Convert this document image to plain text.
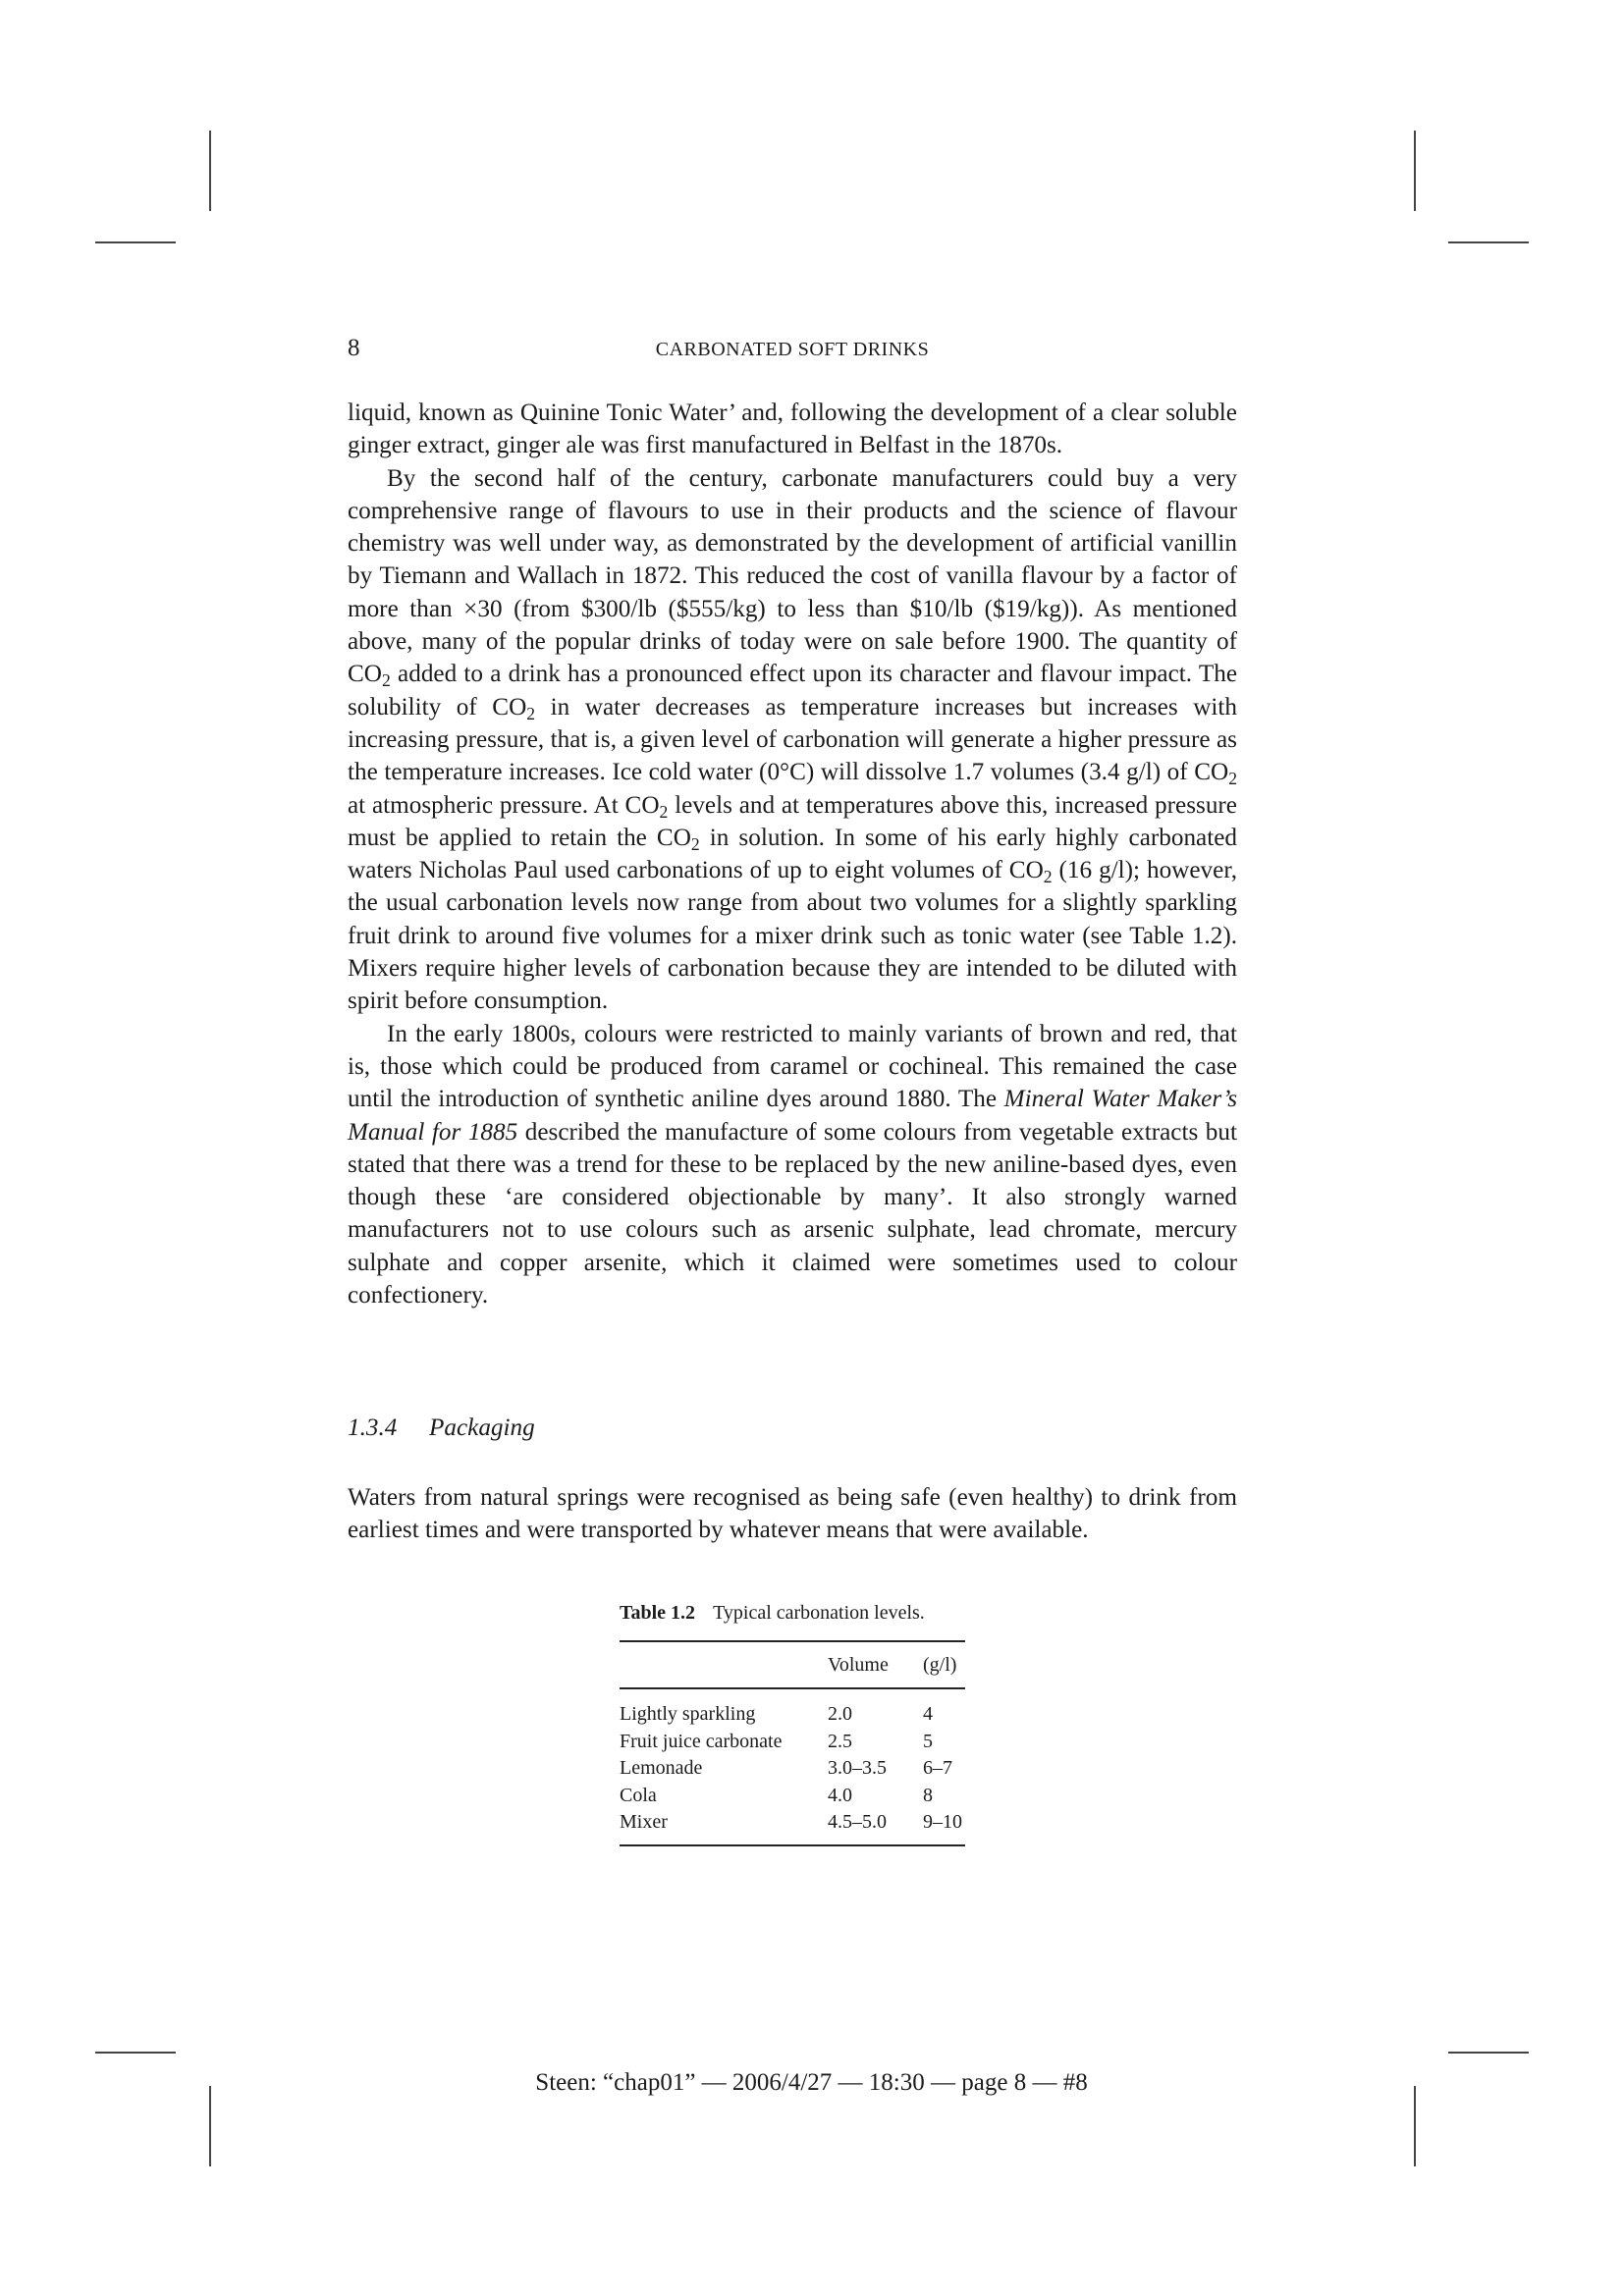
8	CARBONATED SOFT DRINKS

liquid, known as Quinine Tonic Water’ and, following the development of a clear soluble ginger extract, ginger ale was first manufactured in Belfast in the 1870s.

By the second half of the century, carbonate manufacturers could buy a very comprehensive range of flavours to use in their products and the science of flavour chemistry was well under way, as demonstrated by the development of artificial vanillin by Tiemann and Wallach in 1872. This reduced the cost of vanilla flavour by a factor of more than ×30 (from $300/lb ($555/kg) to less than $10/lb ($19/kg)). As mentioned above, many of the popular drinks of today were on sale before 1900. The quantity of $CO_2$ added to a drink has a pronounced effect upon its character and flavour impact. The solubility of $CO_2$ in water decreases as temperature increases but increases with increasing pressure, that is, a given level of carbonation will generate a higher pressure as the temperature increases. Ice cold water (0°C) will dissolve 1.7 volumes (3.4 g/l) of $CO_2$ at atmospheric pressure. At $CO_2$ levels and at temperatures above this, increased pressure must be applied to retain the $CO_2$ in solution. In some of his early highly carbonated waters Nicholas Paul used carbonations of up to eight volumes of $CO_2$ (16 g/l); however, the usual carbonation levels now range from about two volumes for a slightly sparkling fruit drink to around five volumes for a mixer drink such as tonic water (see Table 1.2). Mixers require higher levels of carbonation because they are intended to be diluted with spirit before consumption.

In the early 1800s, colours were restricted to mainly variants of brown and red, that is, those which could be produced from caramel or cochineal. This remained the case until the introduction of synthetic aniline dyes around 1880. The Mineral Water Maker’s Manual for 1885 described the manufacture of some colours from vegetable extracts but stated that there was a trend for these to be replaced by the new aniline-based dyes, even though these ‘are considered objectionable by many’. It also strongly warned manufacturers not to use colours such as arsenic sulphate, lead chromate, mercury sulphate and copper arsenite, which it claimed were sometimes used to colour confectionery.

1.3.4 Packaging

Waters from natural springs were recognised as being safe (even healthy) to drink from earliest times and were transported by whatever means that were available.

Table 1.2 Typical carbonation levels.
	Volume	(g/l)
Lightly sparkling	2.0	4
Fruit juice carbonate	2.5	5
Lemonade	3.0–3.5	6–7
Cola	4.0	8
Mixer	4.5–5.0	9–10
Steen: “chap01” — 2006/4/27 — 18:30 — page 8 — #8
